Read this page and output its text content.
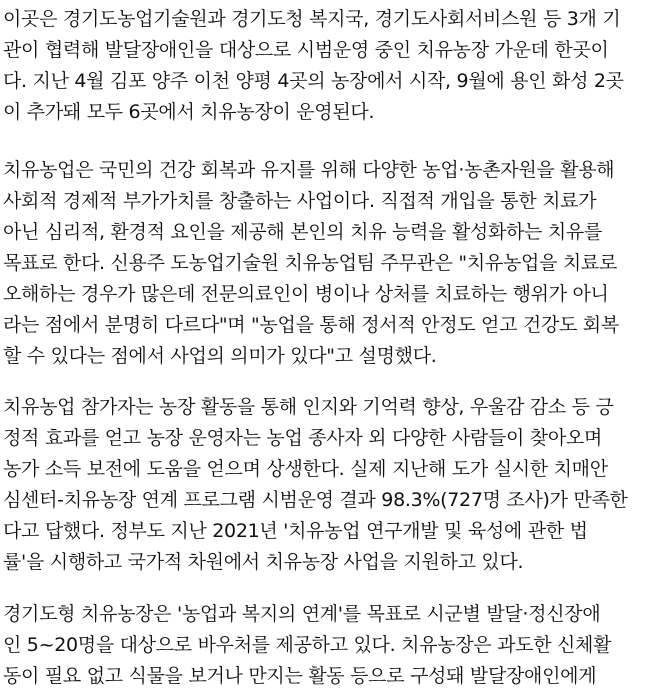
이곳은 경기도농업기술원과 경기도청 복지국, 경기도사회서비스원 등 3개 기
관이 협력해 발달장애인을 대상으로 시범운영 중인 치유농장 가운데 한곳이
다. 지난 4월 김포 양주 이천 양평 4곳의 농장에서 시작, 9월에 용인 화성 2곳
이 추가돼 모두 6곳에서 치유농장이 운영된다.
치유농업은 국민의 건강 회복과 유지를 위해 다양한 농업·농촌자원을 활용해
사회적 경제적 부가가치를 창출하는 사업이다. 직접적 개입을 통한 치료가
아닌 심리적, 환경적 요인을 제공해 본인의 치유 능력을 활성화하는 치유를
목표로 한다. 신용주 도농업기술원 치유농업팀 주무관은 "치유농업을 치료로
오해하는 경우가 많은데 전문의료인이 병이나 상처를 치료하는 행위가 아니
라는 점에서 분명히 다르다"며 "농업을 통해 정서적 안정도 얻고 건강도 회복
할 수 있다는 점에서 사업의 의미가 있다"고 설명했다.
치유농업 참가자는 농장 활동을 통해 인지와 기억력 향상, 우울감 감소 등 긍
정적 효과를 얻고 농장 운영자는 농업 종사자 외 다양한 사람들이 찾아오며
농가 소득 보전에 도움을 얻으며 상생한다. 실제 지난해 도가 실시한 치매안
심센터-치유농장 연계 프로그램 시범운영 결과 98.3%(727명 조사)가 만족한
다고 답했다. 정부도 지난 2021년 '치유농업 연구개발 및 육성에 관한 법
률'을 시행하고 국가적 차원에서 치유농장 사업을 지원하고 있다.
경기도형 치유농장은 '농업과 복지의 연계'를 목표로 시군별 발달·정신장애
인 5~20명을 대상으로 바우처를 제공하고 있다. 치유농장은 과도한 신체활
동이 필요 없고 식물을 보거나 만지는 활동 등으로 구성돼 발달장애인에게
